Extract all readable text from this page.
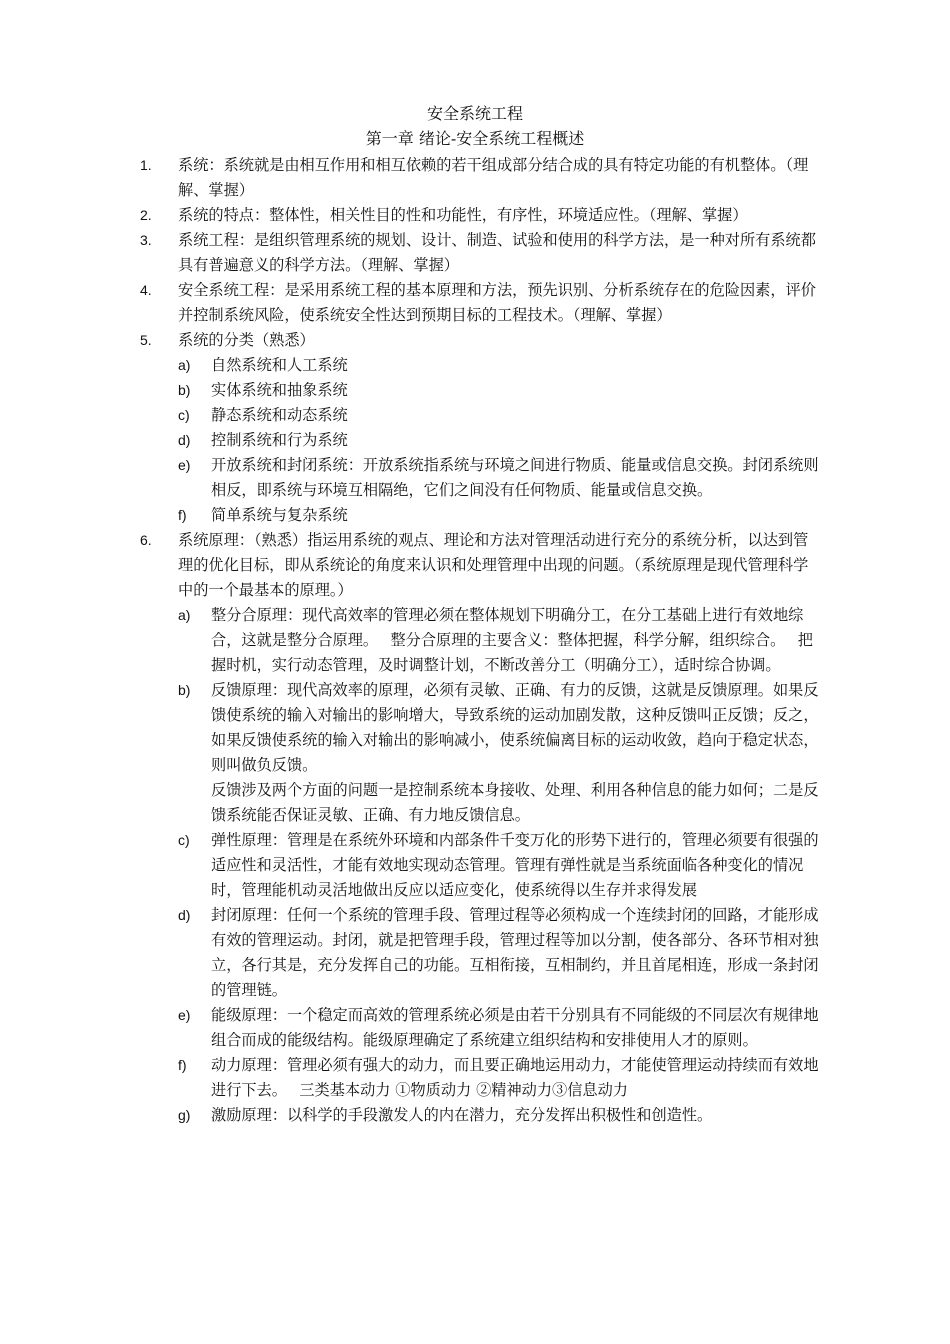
安全系统工程
第一章 绪论-安全系统工程概述
1. 系统：系统就是由相互作用和相互依赖的若干组成部分结合成的具有特定功能的有机整体。（理解、掌握）
2. 系统的特点：整体性，相关性目的性和功能性，有序性，环境适应性。（理解、掌握）
3. 系统工程：是组织管理系统的规划、设计、制造、试验和使用的科学方法，是一种对所有系统都具有普遍意义的科学方法。（理解、掌握）
4. 安全系统工程：是采用系统工程的基本原理和方法，预先识别、分析系统存在的危险因素，评价并控制系统风险，使系统安全性达到预期目标的工程技术。（理解、掌握）
5. 系统的分类（熟悉）
a) 自然系统和人工系统
b) 实体系统和抽象系统
c) 静态系统和动态系统
d) 控制系统和行为系统
e) 开放系统和封闭系统：开放系统指系统与环境之间进行物质、能量或信息交换。封闭系统则相反，即系统与环境互相隔绝，它们之间没有任何物质、能量或信息交换。
f) 简单系统与复杂系统
6. 系统原理：（熟悉）指运用系统的观点、理论和方法对管理活动进行充分的系统分析，以达到管理的优化目标，即从系统论的角度来认识和处理管理中出现的问题。（系统原理是现代管理科学中的一个最基本的原理。）
a) 整分合原理：现代高效率的管理必须在整体规划下明确分工，在分工基础上进行有效地综合，这就是整分合原理。　 整分合原理的主要含义：整体把握，科学分解，组织综合。　 把握时机，实行动态管理，及时调整计划，不断改善分工（明确分工），适时综合协调。
b) 反馈原理：现代高效率的原理，必须有灵敏、正确、有力的反馈，这就是反馈原理。如果反馈使系统的输入对输出的影响增大，导致系统的运动加剧发散，这种反馈叫正反馈；反之，如果反馈使系统的输入对输出的影响减小，使系统偏离目标的运动收敛，趋向于稳定状态，则叫做负反馈。
反馈涉及两个方面的问题一是控制系统本身接收、处理、利用各种信息的能力如何；二是反馈系统能否保证灵敏、正确、有力地反馈信息。
c) 弹性原理：管理是在系统外环境和内部条件千变万化的形势下进行的，管理必须要有很强的适应性和灵活性，才能有效地实现动态管理。管理有弹性就是当系统面临各种变化的情况时，管理能机动灵活地做出反应以适应变化，使系统得以生存并求得发展
d) 封闭原理：任何一个系统的管理手段、管理过程等必须构成一个连续封闭的回路，才能形成有效的管理运动。封闭，就是把管理手段，管理过程等加以分割，使各部分、各环节相对独立，各行其是，充分发挥自己的功能。互相衔接，互相制约，并且首尾相连，形成一条封闭的管理链。
e) 能级原理：一个稳定而高效的管理系统必须是由若干分别具有不同能级的不同层次有规律地组合而成的能级结构。能级原理确定了系统建立组织结构和安排使用人才的原则。
f) 动力原理：管理必须有强大的动力，而且要正确地运用动力，才能使管理运动持续而有效地进行下去。　 三类基本动力 ①物质动力 ②精神动力③信息动力
g) 激励原理：以科学的手段激发人的内在潜力，充分发挥出积极性和创造性。
